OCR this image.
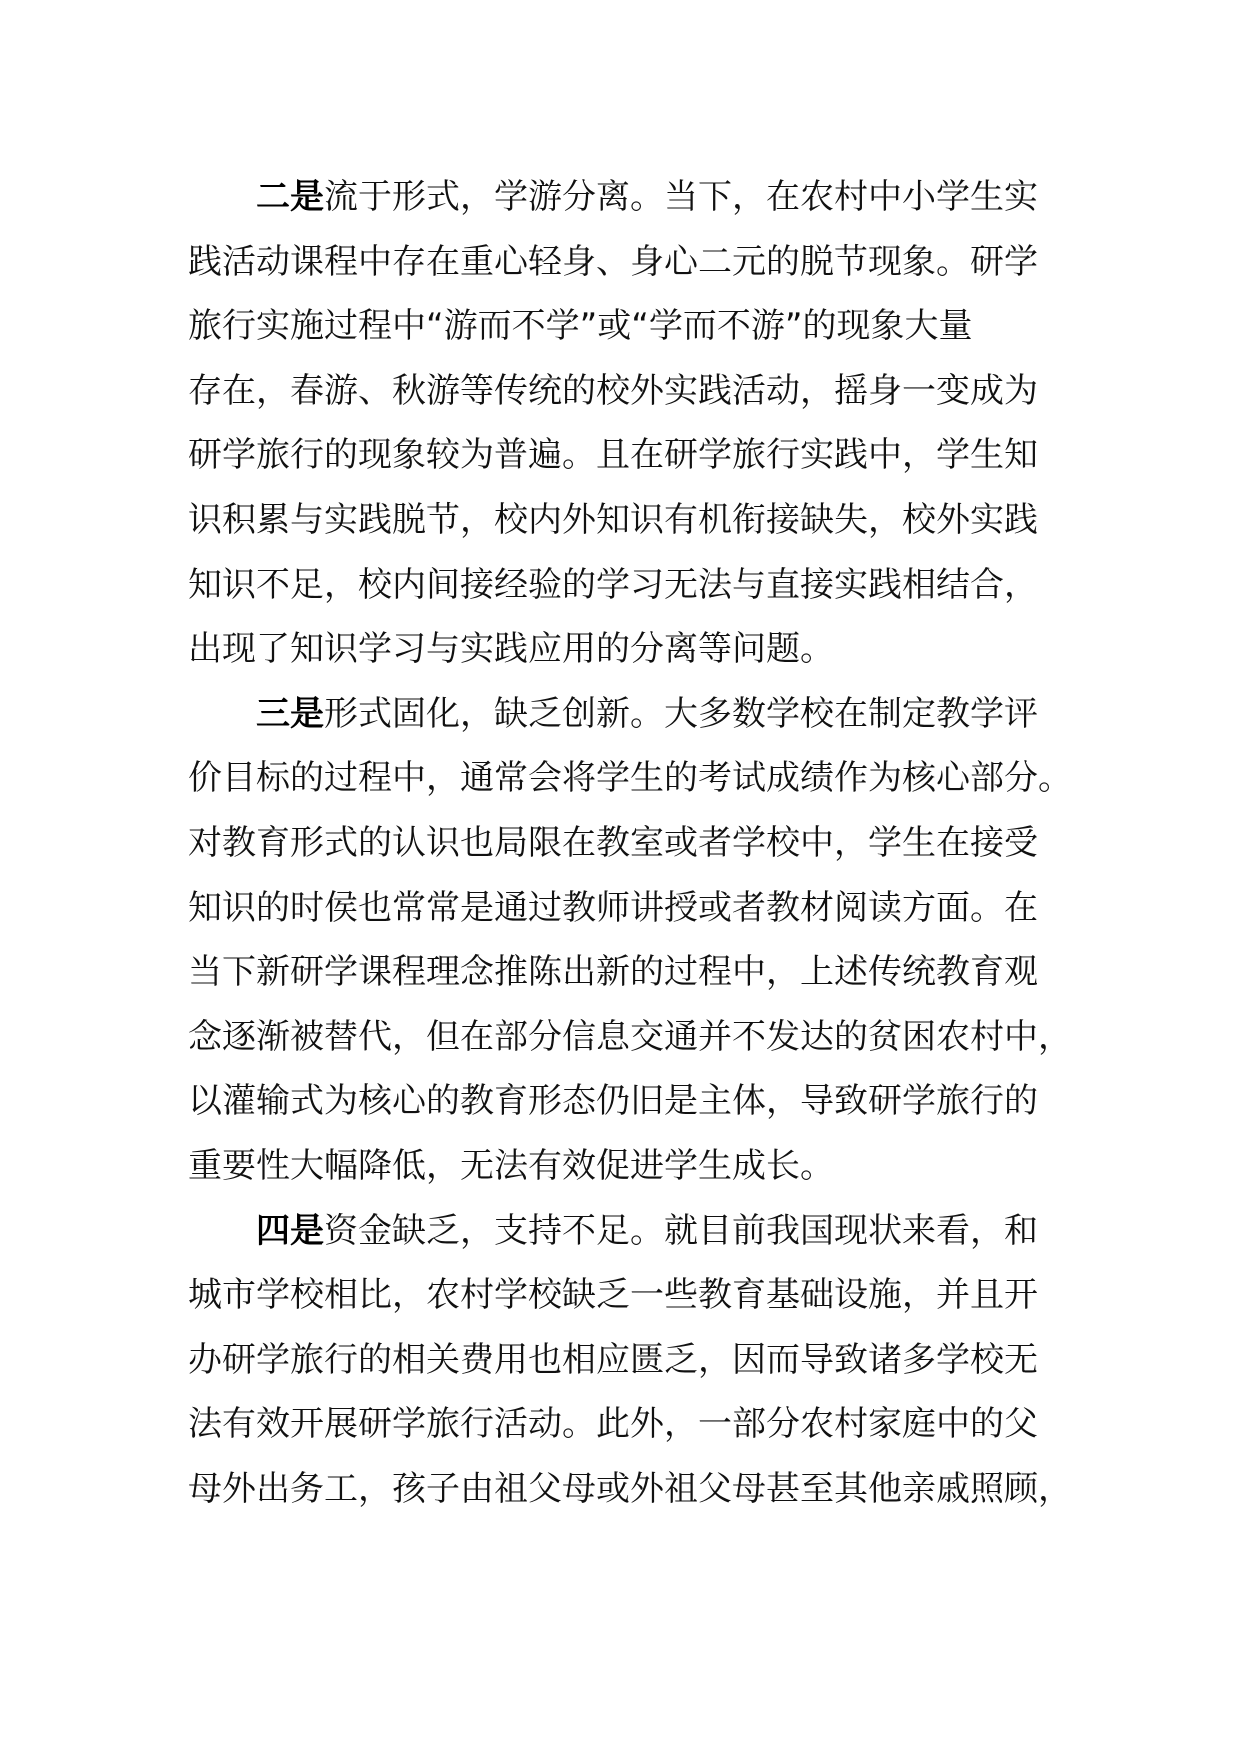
二是流于形式，学游分离。当下，在农村中小学生实
践活动课程中存在重心轻身、身心二元的脱节现象。研学
旅行实施过程中“游而不学”或“学而不游”的现象大量
存在，春游、秋游等传统的校外实践活动，摇身一变成为
研学旅行的现象较为普遍。且在研学旅行实践中，学生知
识积累与实践脱节，校内外知识有机衔接缺失，校外实践
知识不足，校内间接经验的学习无法与直接实践相结合，
出现了知识学习与实践应用的分离等问题。
三是形式固化，缺乏创新。大多数学校在制定教学评
价目标的过程中，通常会将学生的考试成绩作为核心部分。
对教育形式的认识也局限在教室或者学校中，学生在接受
知识的时侯也常常是通过教师讲授或者教材阅读方面。在
当下新研学课程理念推陈出新的过程中，上述传统教育观
念逐渐被替代，但在部分信息交通并不发达的贫困农村中，
以灌输式为核心的教育形态仍旧是主体，导致研学旅行的
重要性大幅降低，无法有效促进学生成长。
四是资金缺乏，支持不足。就目前我国现状来看，和
城市学校相比，农村学校缺乏一些教育基础设施，并且开
办研学旅行的相关费用也相应匮乏，因而导致诸多学校无
法有效开展研学旅行活动。此外，一部分农村家庭中的父
母外出务工，孩子由祖父母或外祖父母甚至其他亲戚照顾，
